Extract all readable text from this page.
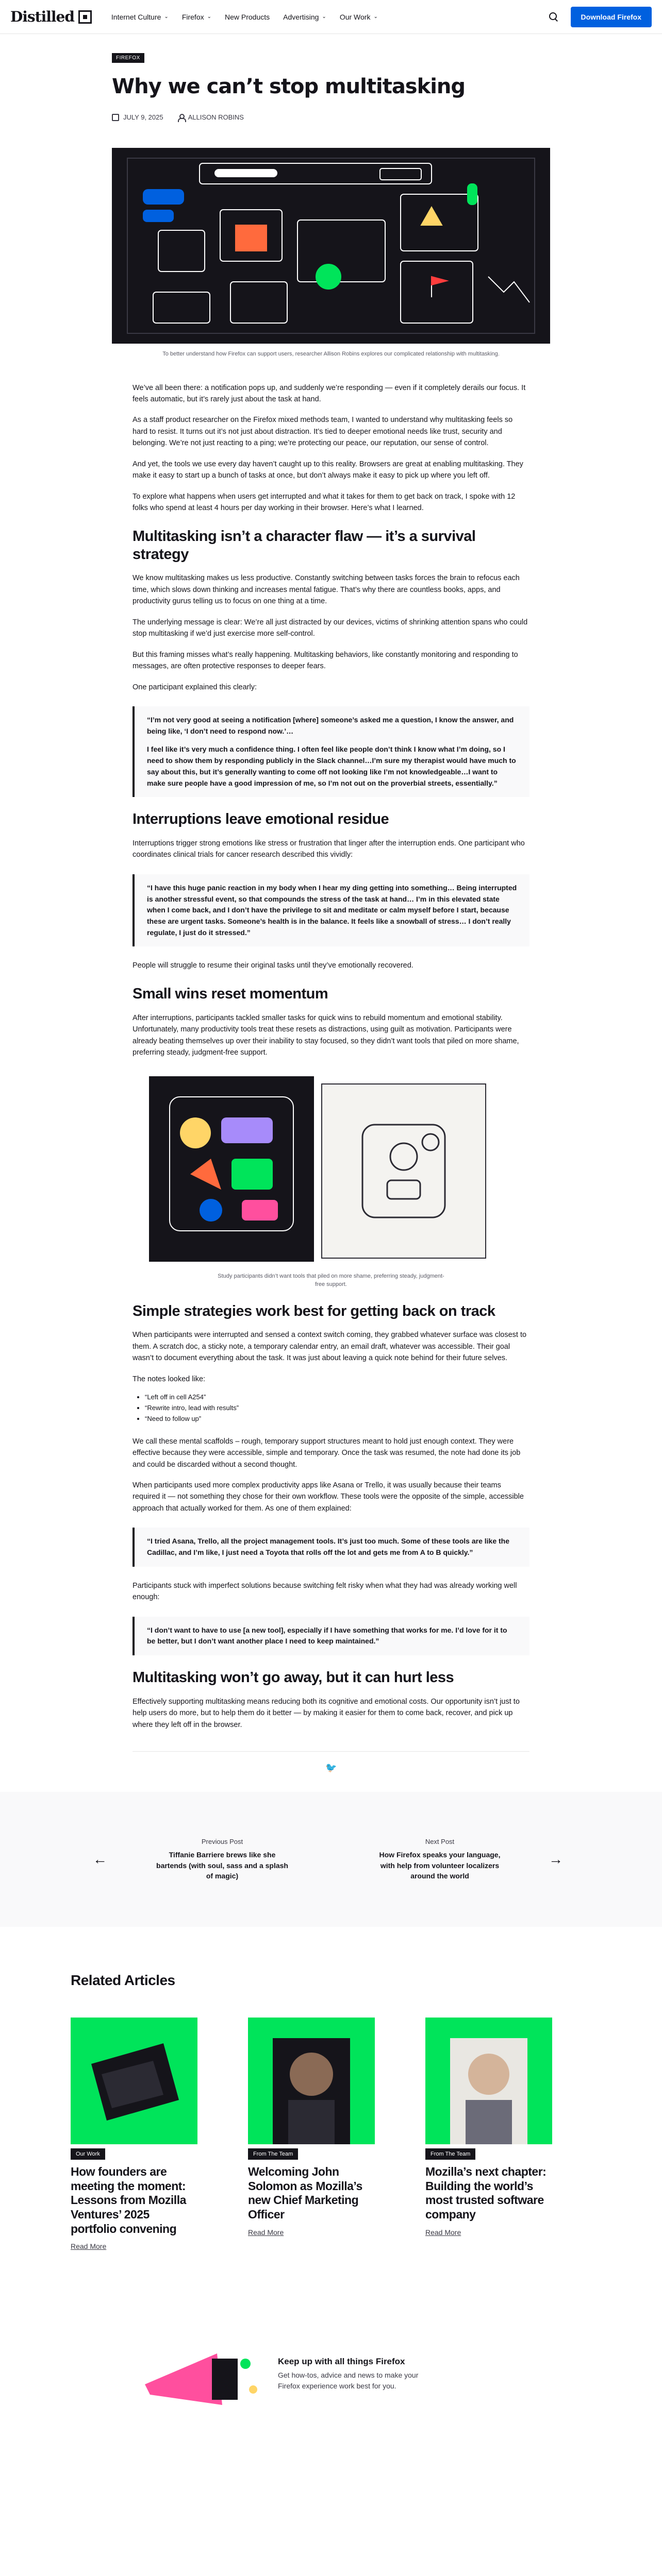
Distilled	Internet Culture ⌄ Firefox ⌄ New Products Advertising ⌄ Our Work ⌄	Download Firefox
FIREFOX
Why we can’t stop multitasking
JULY 9, 2025	ALLISON ROBINS

To better understand how Firefox can support users, researcher Allison Robins explores our complicated relationship with multitasking.

We’ve all been there: a notification pops up, and suddenly we’re responding — even if it completely derails our focus. It feels automatic, but it’s rarely just about the task at hand.

As a staff product researcher on the Firefox mixed methods team, I wanted to understand why multitasking feels so hard to resist. It turns out it’s not just about distraction. It’s tied to deeper emotional needs like trust, security and belonging. We’re not just reacting to a ping; we’re protecting our peace, our reputation, our sense of control.

And yet, the tools we use every day haven’t caught up to this reality. Browsers are great at enabling multitasking. They make it easy to start up a bunch of tasks at once, but don’t always make it easy to pick up where you left off.

To explore what happens when users get interrupted and what it takes for them to get back on track, I spoke with 12 folks who spend at least 4 hours per day working in their browser. Here’s what I learned.

Multitasking isn’t a character flaw — it’s a survival strategy

We know multitasking makes us less productive. Constantly switching between tasks forces the brain to refocus each time, which slows down thinking and increases mental fatigue. That’s why there are countless books, apps, and productivity gurus telling us to focus on one thing at a time.

The underlying message is clear: We’re all just distracted by our devices, victims of shrinking attention spans who could stop multitasking if we’d just exercise more self-control.

But this framing misses what’s really happening. Multitasking behaviors, like constantly monitoring and responding to messages, are often protective responses to deeper fears.

One participant explained this clearly:

“I’m not very good at seeing a notification [where] someone’s asked me a question, I know the answer, and being like, ‘I don’t need to respond now.’…

I feel like it’s very much a confidence thing. I often feel like people don’t think I know what I’m doing, so I need to show them by responding publicly in the Slack channel…I’m sure my therapist would have much to say about this, but it’s generally wanting to come off not looking like I’m not knowledgeable…I want to make sure people have a good impression of me, so I’m not out on the proverbial streets, essentially.”

Interruptions leave emotional residue

Interruptions trigger strong emotions like stress or frustration that linger after the interruption ends. One participant who coordinates clinical trials for cancer research described this vividly:

“I have this huge panic reaction in my body when I hear my ding getting into something… Being interrupted is another stressful event, so that compounds the stress of the task at hand… I’m in this elevated state when I come back, and I don’t have the privilege to sit and meditate or calm myself before I start, because these are urgent tasks. Someone’s health is in the balance. It feels like a snowball of stress… I don’t really regulate, I just do it stressed.”

People will struggle to resume their original tasks until they’ve emotionally recovered.

Small wins reset momentum

After interruptions, participants tackled smaller tasks for quick wins to rebuild momentum and emotional stability. Unfortunately, many productivity tools treat these resets as distractions, using guilt as motivation. Participants were already beating themselves up over their inability to stay focused, so they didn’t want tools that piled on more shame, preferring steady, judgment-free support.

Study participants didn’t want tools that piled on more shame, preferring steady, judgment-free support.

Simple strategies work best for getting back on track

When participants were interrupted and sensed a context switch coming, they grabbed whatever surface was closest to them. A scratch doc, a sticky note, a temporary calendar entry, an email draft, whatever was accessible. Their goal wasn’t to document everything about the task. It was just about leaving a quick note behind for their future selves.

The notes looked like:

• “Left off in cell A254”
• “Rewrite intro, lead with results”
• “Need to follow up”

We call these mental scaffolds – rough, temporary support structures meant to hold just enough context. They were effective because they were accessible, simple and temporary. Once the task was resumed, the note had done its job and could be discarded without a second thought.

When participants used more complex productivity apps like Asana or Trello, it was usually because their teams required it — not something they chose for their own workflow. These tools were the opposite of the simple, accessible approach that actually worked for them. As one of them explained:

“I tried Asana, Trello, all the project management tools. It’s just too much. Some of these tools are like the Cadillac, and I’m like, I just need a Toyota that rolls off the lot and gets me from A to B quickly.”

Participants stuck with imperfect solutions because switching felt risky when what they had was already working well enough:

“I don’t want to have to use [a new tool], especially if I have something that works for me. I’d love for it to be better, but I don’t want another place I need to keep maintained.”

Multitasking won’t go away, but it can hurt less

Effectively supporting multitasking means reducing both its cognitive and emotional costs. Our opportunity isn’t just to help users do more, but to help them do it better — by making it easier for them to come back, recover, and pick up where they left off in the browser.

🐦
←
Previous Post
Tiffanie Barriere brews like she bartends (with soul, sass and a splash of magic)
Next Post
How Firefox speaks your language, with help from volunteer localizers around the world
→
Related Articles
Our Work
How founders are meeting the moment: Lessons from Mozilla Ventures’ 2025 portfolio convening
Read More
From The Team
Welcoming John Solomon as Mozilla’s new Chief Marketing Officer
Read More
From The Team
Mozilla’s next chapter: Building the world’s most trusted software company
Read More
Keep up with all things Firefox
Get how-tos, advice and news to make your Firefox experience work best for you.
